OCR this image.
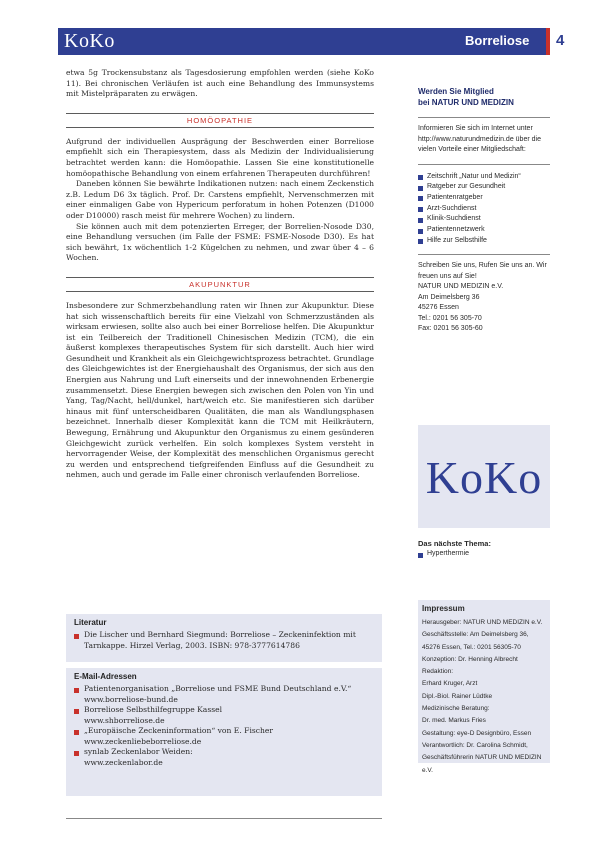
KoKo	Borreliose 4

etwa 5g Trockensubstanz als Tagesdosierung empfohlen werden (siehe KoKo 11). Bei chronischen Verläufen ist auch eine Behandlung des Immunsystems mit Mistelpräparaten zu erwägen.

HOMÖOPATHIE

Aufgrund der individuellen Ausprägung der Beschwerden einer Borreliose empfiehlt sich ein Therapiesystem, dass als Medizin der Individualisierung betrachtet werden kann: die Homöopathie. Lassen Sie eine konstitutionelle homöopathische Behandlung von einem erfahrenen Therapeuten durchführen!

Daneben können Sie bewährte Indikationen nutzen: nach einem Zeckenstich z.B. Ledum D6 3x täglich. Prof. Dr. Carstens empfiehlt, Nervenschmerzen mit einer einmaligen Gabe von Hypericum perforatum in hohen Potenzen (D1000 oder D10000) rasch meist für mehrere Wochen) zu lindern.

Sie können auch mit dem potenzierten Erreger, der Borrelien-Nosode D30, eine Behandlung versuchen (im Falle der FSME: FSME-Nosode D30). Es hat sich bewährt, 1x wöchentlich 1-2 Kügelchen zu nehmen, und zwar über 4 – 6 Wochen.

AKUPUNKTUR

Insbesondere zur Schmerzbehandlung raten wir Ihnen zur Akupunktur. Diese hat sich wissenschaftlich bereits für eine Vielzahl von Schmerzzuständen als wirksam erwiesen, sollte also auch bei einer Borreliose helfen. Die Akupunktur ist ein Teilbereich der Traditionell Chinesischen Medizin (TCM), die ein äußerst komplexes therapeutisches System für sich darstellt. Auch hier wird Gesundheit und Krankheit als ein Gleichgewichtsprozess betrachtet. Grundlage des Gleichgewichtes ist der Energiehaushalt des Organismus, der sich aus den Energien aus Nahrung und Luft einerseits und der innewohnenden Erbenergie zusammensetzt. Diese Energien bewegen sich zwischen den Polen von Yin und Yang, Tag/Nacht, hell/dunkel, hart/weich etc. Sie manifestieren sich darüber hinaus mit fünf unterscheidbaren Qualitäten, die man als Wandlungsphasen bezeichnet. Innerhalb dieser Komplexität kann die TCM mit Heilkräutern, Bewegung, Ernährung und Akupunktur den Organismus zu einem gesünderen Gleichgewicht zurück verhelfen. Ein solch komplexes System versteht in hervorragender Weise, der Komplexität des menschlichen Organismus gerecht zu werden und entsprechend tiefgreifenden Einfluss auf die Gesundheit zu nehmen, auch und gerade im Falle einer chronisch verlaufenden Borreliose.

Literatur
Die Lischer und Bernhard Siegmund: Borreliose – Zeckeninfektion mit Tarnkappe. Hirzel Verlag, 2003. ISBN: 978-3777614786
E-Mail-Adressen
Patientenorganisation „Borreliose und FSME Bund Deutschland e.V.“
www.borreliose-bund.de
Borreliose Selbsthilfegruppe Kassel
www.shborreliose.de
„Europäische Zeckeninformation“ von E. Fischer
www.zeckenliebeborreliose.de
synlab Zeckenlabor Weiden:
www.zeckenlabor.de
Werden Sie Mitglied
bei NATUR UND MEDIZIN
Informieren Sie sich im Internet unter http://www.naturundmedizin.de über die vielen Vorteile einer Mitgliedschaft:
Zeitschrift „Natur und Medizin“
Ratgeber zur Gesundheit
Patientenratgeber
Arzt-Suchdienst
Klinik-Suchdienst
Patientennetzwerk
Hilfe zur Selbsthilfe
Schreiben Sie uns, Rufen Sie uns an. Wir freuen uns auf Sie!
NATUR UND MEDIZIN e.V.
Am Deimelsberg 36
45276 Essen
Tel.: 0201 56 305-70
Fax: 0201 56 305-60
KoKo
Das nächste Thema:
Hyperthermie
Impressum
Herausgeber: NATUR UND MEDIZIN e.V.
Geschäftsstelle: Am Deimelsberg 36,
45276 Essen, Tel.: 0201 56305-70
Konzeption: Dr. Henning Albrecht
Redaktion:
Erhard Kruger, Arzt
Dipl.-Biol. Rainer Lüdtke
Medizinische Beratung:
Dr. med. Markus Fries
Gestaltung: eye-D Designbüro, Essen
Verantwortlich: Dr. Carolina Schmidt,
Geschäftsführerin NATUR UND MEDIZIN e.V.
